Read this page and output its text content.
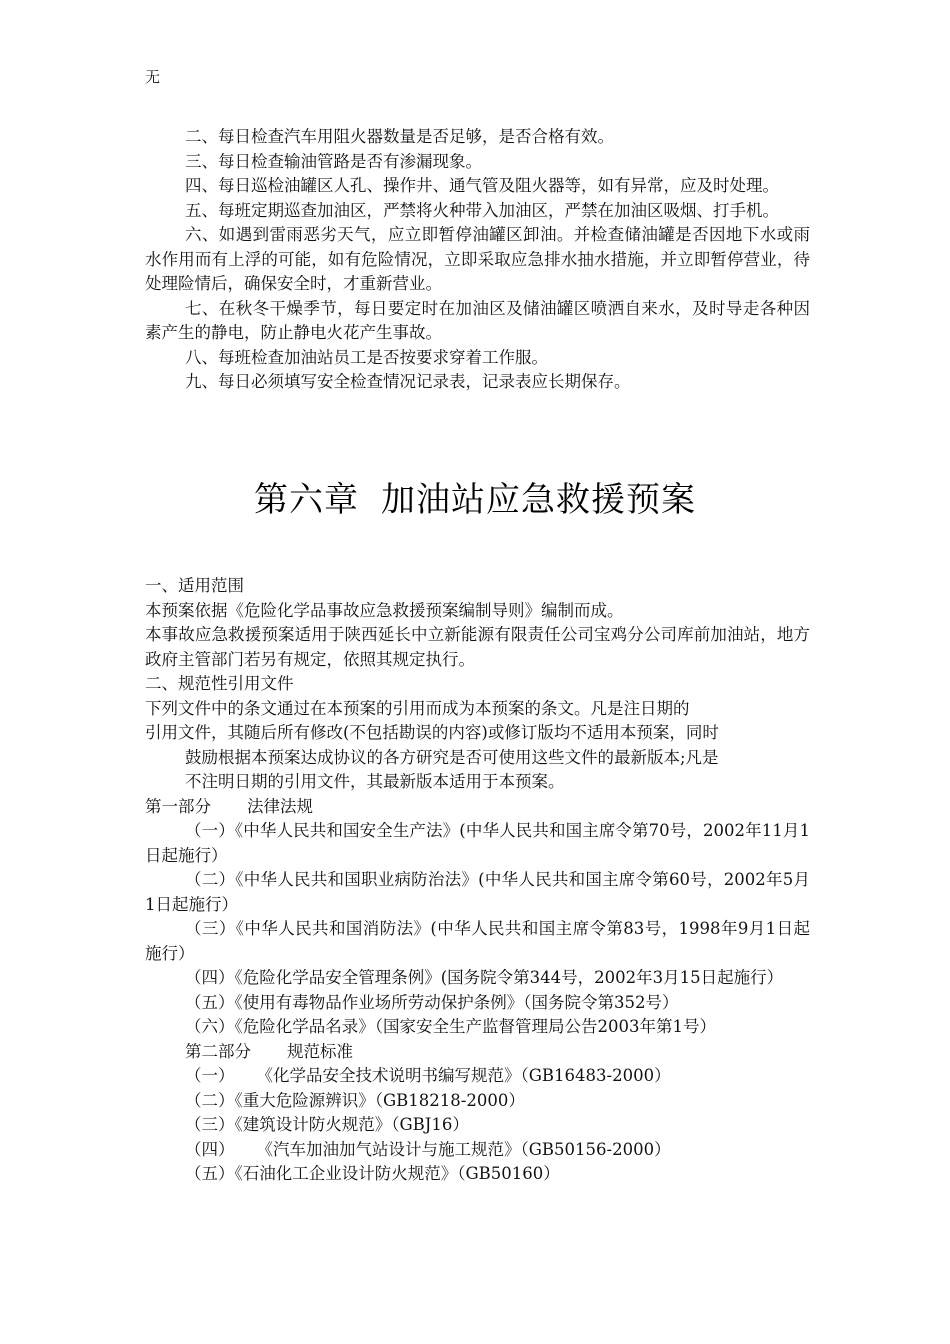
无

二、每日检查汽车用阻火器数量是否足够，是否合格有效。

三、每日检查输油管路是否有渗漏现象。

四、每日巡检油罐区人孔、操作井、通气管及阻火器等，如有异常，应及时处理。

五、每班定期巡查加油区，严禁将火种带入加油区，严禁在加油区吸烟、打手机。

六、如遇到雷雨恶劣天气，应立即暂停油罐区卸油。并检查储油罐是否因地下水或雨水作用而有上浮的可能，如有危险情况，立即采取应急排水抽水措施，并立即暂停营业，待处理险情后，确保安全时，才重新营业。

七、在秋冬干燥季节，每日要定时在加油区及储油罐区喷洒自来水，及时导走各种因素产生的静电，防止静电火花产生事故。

八、每班检查加油站员工是否按要求穿着工作服。

九、每日必须填写安全检查情况记录表，记录表应长期保存。

第六章 加油站应急救援预案

一、适用范围

本预案依据《危险化学品事故应急救援预案编制导则》编制而成。

本事故应急救援预案适用于陕西延长中立新能源有限责任公司宝鸡分公司库前加油站，地方政府主管部门若另有规定，依照其规定执行。

二、规范性引用文件

下列文件中的条文通过在本预案的引用而成为本预案的条文。凡是注日期的

引用文件，其随后所有修改(不包括勘误的内容)或修订版均不适用本预案，同时

鼓励根据本预案达成协议的各方研究是否可使用这些文件的最新版本;凡是

不注明日期的引用文件，其最新版本适用于本预案。

第一部分 法律法规

（一）《中华人民共和国安全生产法》(中华人民共和国主席令第70号，2002年11月1日起施行）

（二）《中华人民共和国职业病防治法》(中华人民共和国主席令第60号，2002年5月1日起施行）

（三）《中华人民共和国消防法》(中华人民共和国主席令第83号，1998年9月1日起施行）

（四）《危险化学品安全管理条例》(国务院令第344号，2002年3月15日起施行）

（五）《使用有毒物品作业场所劳动保护条例》（国务院令第352号）

（六）《危险化学品名录》（国家安全生产监督管理局公告2003年第1号）

第二部分 规范标准

（一） 《化学品安全技术说明书编写规范》（GB16483-2000）

（二）《重大危险源辨识》（GB18218-2000）

（三）《建筑设计防火规范》（GBJ16）

（四） 《汽车加油加气站设计与施工规范》（GB50156-2000）

（五）《石油化工企业设计防火规范》（GB50160）
